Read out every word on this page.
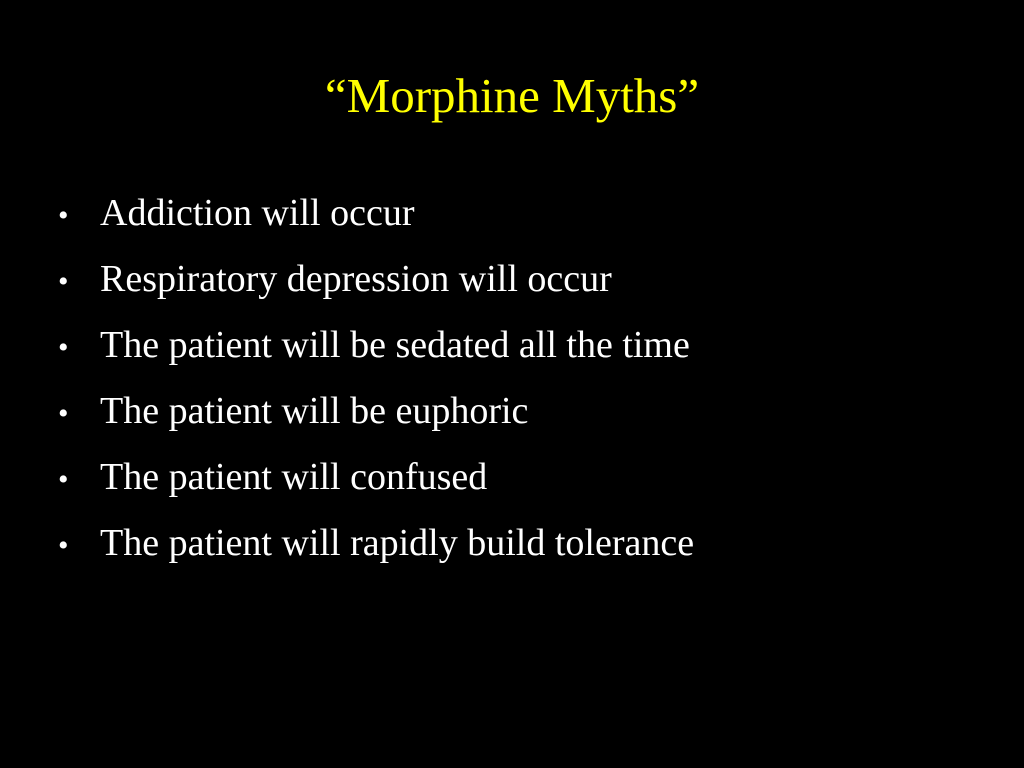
“Morphine Myths”
• Addiction will occur
• Respiratory depression will occur
• The patient will be sedated all the time
• The patient will be euphoric
• The patient will confused
• The patient will rapidly build tolerance
